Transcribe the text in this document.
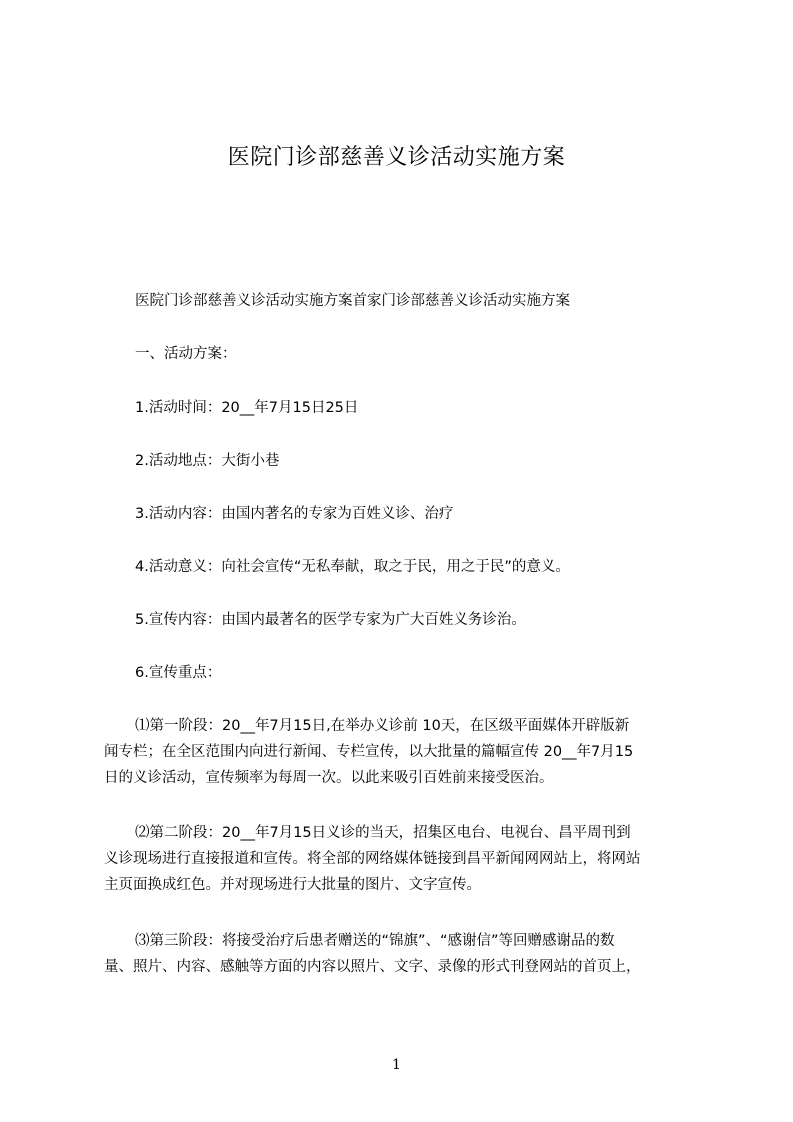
医院门诊部慈善义诊活动实施方案
医院门诊部慈善义诊活动实施方案首家门诊部慈善义诊活动实施方案
一、活动方案：
1.活动时间：20__年7月15日25日
2.活动地点：大街小巷
3.活动内容：由国内著名的专家为百姓义诊、治疗
4.活动意义：向社会宣传“无私奉献，取之于民，用之于民”的意义。
5.宣传内容：由国内最著名的医学专家为广大百姓义务诊治。
6.宣传重点：
⑴第一阶段：20__年7月15日,在举办义诊前 10天，在区级平面媒体开辟版新
闻专栏；在全区范围内向进行新闻、专栏宣传，以大批量的篇幅宣传 20__年7月15
日的义诊活动，宣传频率为每周一次。以此来吸引百姓前来接受医治。
⑵第二阶段：20__年7月15日义诊的当天，招集区电台、电视台、昌平周刊到
义诊现场进行直接报道和宣传。将全部的网络媒体链接到昌平新闻网网站上，将网站
主页面换成红色。并对现场进行大批量的图片、文字宣传。
⑶第三阶段：将接受治疗后患者赠送的“锦旗”、“感谢信”等回赠感谢品的数
量、照片、内容、感触等方面的内容以照片、文字、录像的形式刊登网站的首页上，
1
